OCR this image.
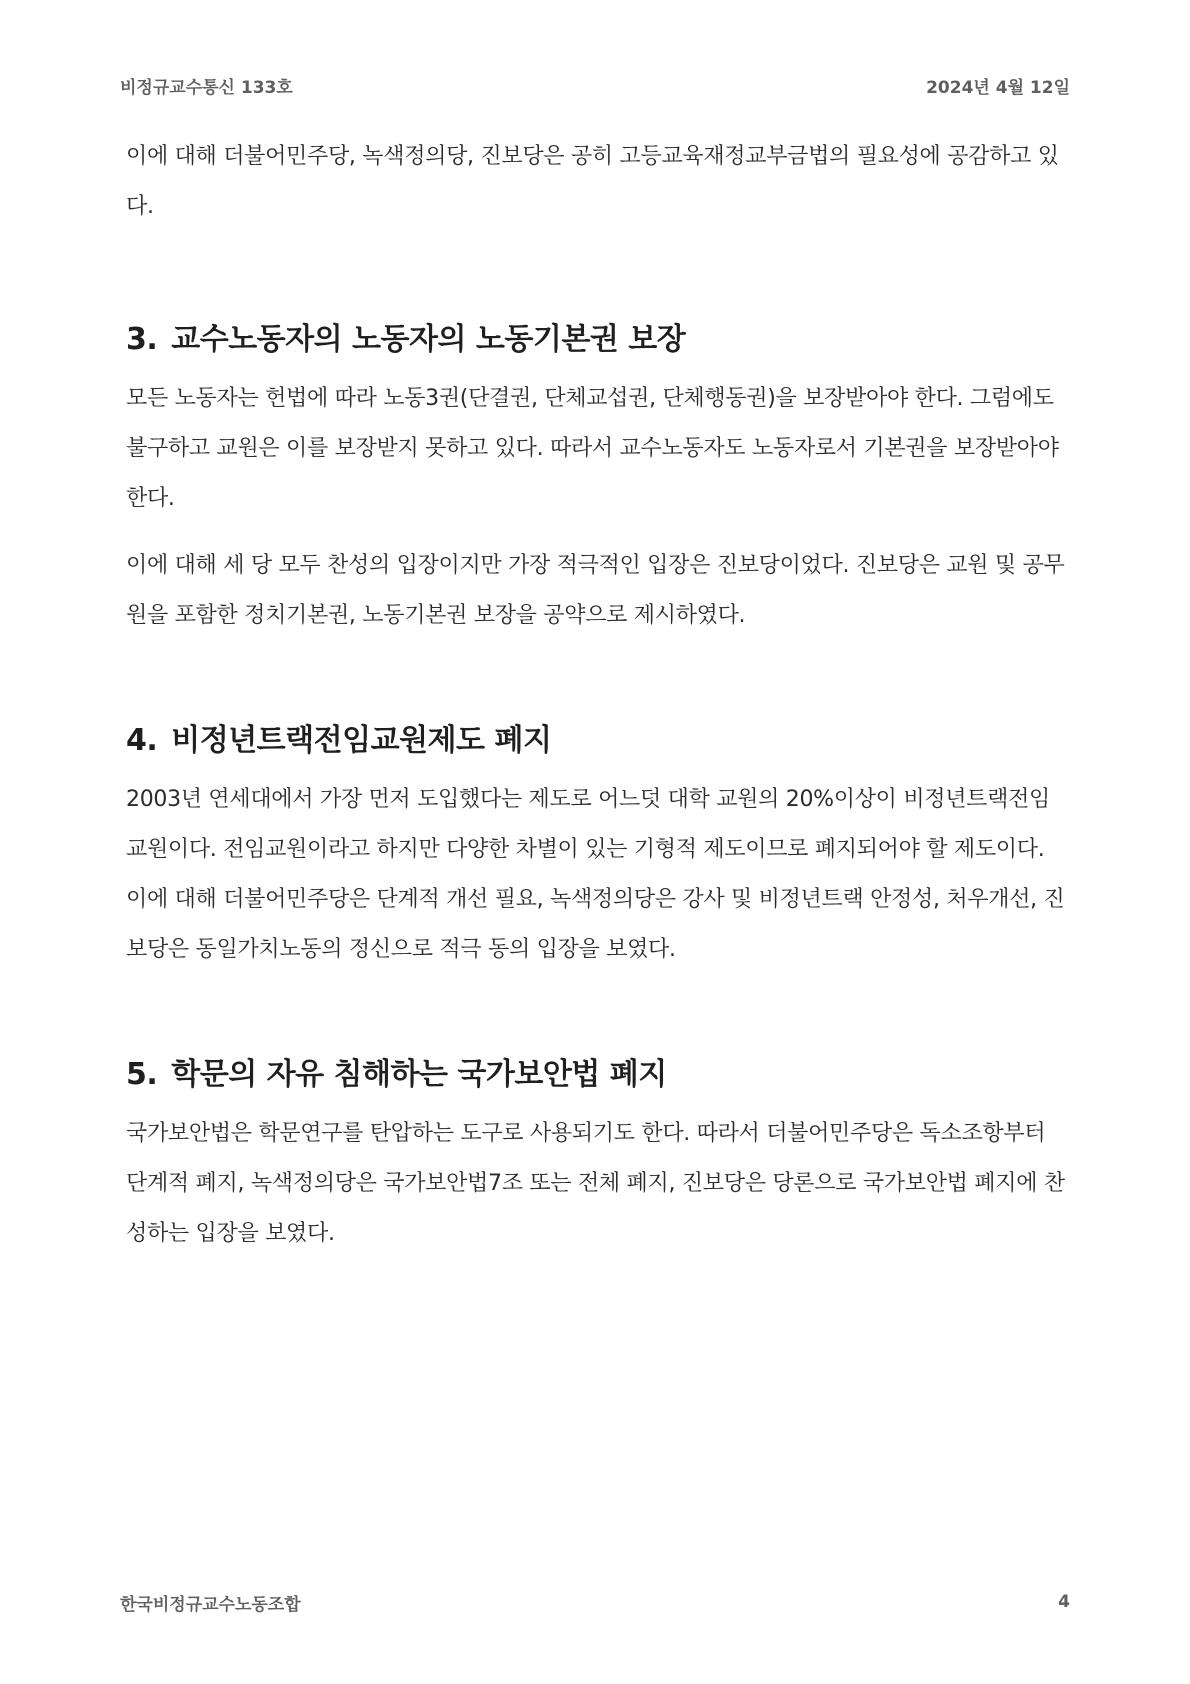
비정규교수통신 133호	2024년 4월 12일

이에 대해 더불어민주당, 녹색정의당, 진보당은 공히 고등교육재정교부금법의 필요성에 공감하고 있다.

3. 교수노동자의 노동자의 노동기본권 보장

모든 노동자는 헌법에 따라 노동3권(단결권, 단체교섭권, 단체행동권)을 보장받아야 한다. 그럼에도 불구하고 교원은 이를 보장받지 못하고 있다. 따라서 교수노동자도 노동자로서 기본권을 보장받아야 한다.

이에 대해 세 당 모두 찬성의 입장이지만 가장 적극적인 입장은 진보당이었다. 진보당은 교원 및 공무원을 포함한 정치기본권, 노동기본권 보장을 공약으로 제시하였다.

4. 비정년트랙전임교원제도 폐지

2003년 연세대에서 가장 먼저 도입했다는 제도로 어느덧 대학 교원의 20%이상이 비정년트랙전임교원이다. 전임교원이라고 하지만 다양한 차별이 있는 기형적 제도이므로 폐지되어야 할 제도이다. 이에 대해 더불어민주당은 단계적 개선 필요, 녹색정의당은 강사 및 비정년트랙 안정성, 처우개선, 진보당은 동일가치노동의 정신으로 적극 동의 입장을 보였다.

5. 학문의 자유 침해하는 국가보안법 폐지

국가보안법은 학문연구를 탄압하는 도구로 사용되기도 한다. 따라서 더불어민주당은 독소조항부터 단계적 폐지, 녹색정의당은 국가보안법7조 또는 전체 폐지, 진보당은 당론으로 국가보안법 폐지에 찬성하는 입장을 보였다.

한국비정규교수노동조합	4
